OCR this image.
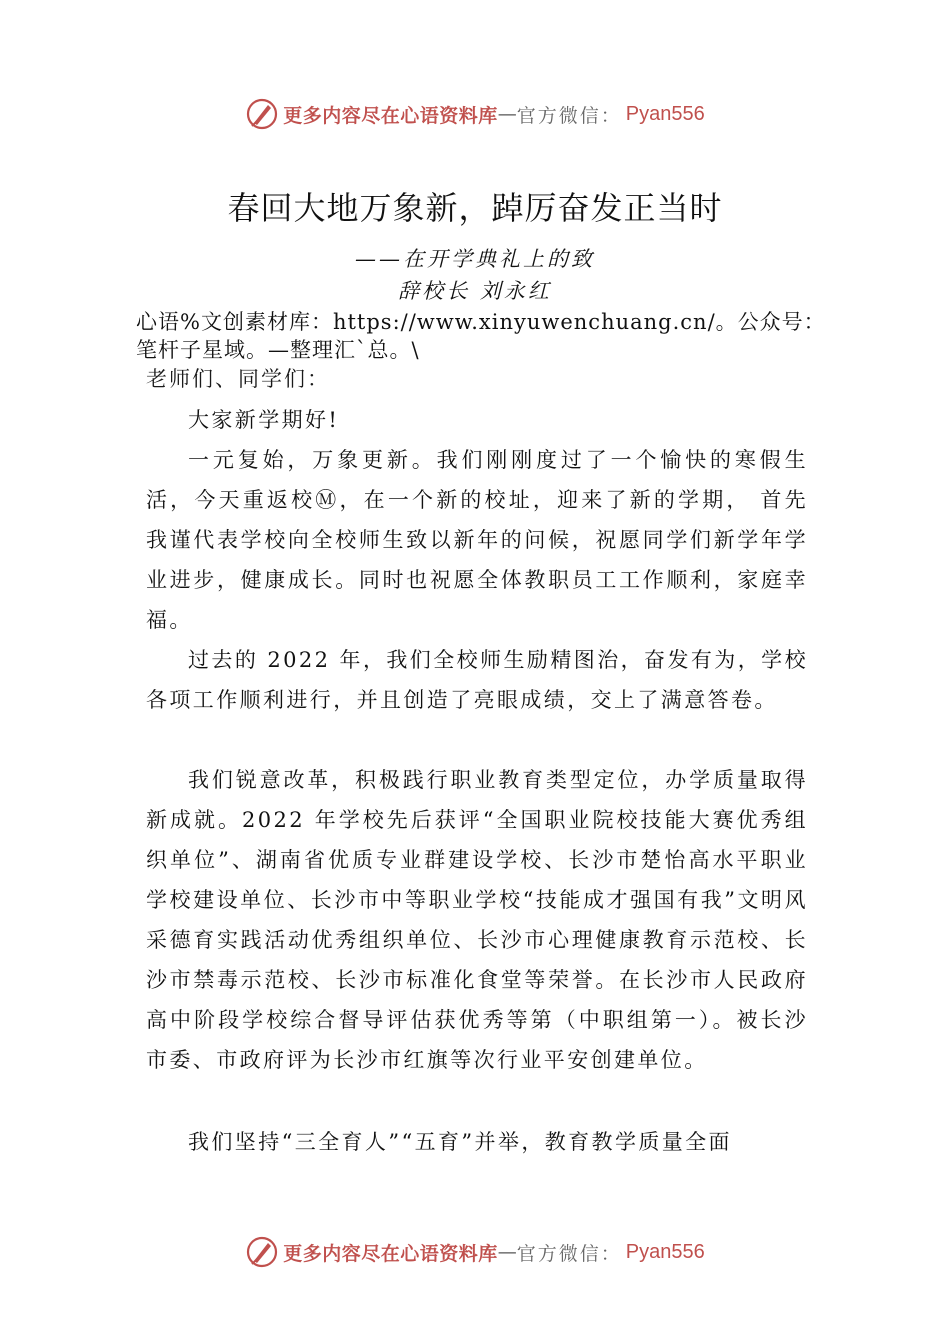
更多内容尽在心语资料库 — 官方微信： Pyan556
春回大地万象新，踔厉奋发正当时
——在开学典礼上的致
辞校长 刘永红
心语%文创素材库：https://www.xinyuwenchuang.cn/。公众号：
笔杆子星域。—整理汇`总。\
老师们、同学们：
大家新学期好!
一元复始，万象更新。我们刚刚度过了一个愉快的寒假生活，今天重返校Ⓜ，在一个新的校址，迎来了新的学期， 首先我谨代表学校向全校师生致以新年的问候，祝愿同学们新学年学业进步，健康成长。同时也祝愿全体教职员工工作顺利，家庭幸福。
过去的 2022 年，我们全校师生励精图治，奋发有为，学校各项工作顺利进行，并且创造了亮眼成绩，交上了满意答卷。
我们锐意改革，积极践行职业教育类型定位，办学质量取得新成就。2022 年学校先后获评“全国职业院校技能大赛优秀组织单位”、湖南省优质专业群建设学校、长沙市楚怡高水平职业学校建设单位、长沙市中等职业学校“技能成才强国有我”文明风采德育实践活动优秀组织单位、长沙市心理健康教育示范校、长沙市禁毒示范校、长沙市标准化食堂等荣誉。在长沙市人民政府高中阶段学校综合督导评估获优秀等第（中职组第一）。被长沙市委、市政府评为长沙市红旗等次行业平安创建单位。
我们坚持“三全育人”“五育”并举，教育教学质量全面
更多内容尽在心语资料库 — 官方微信： Pyan556
